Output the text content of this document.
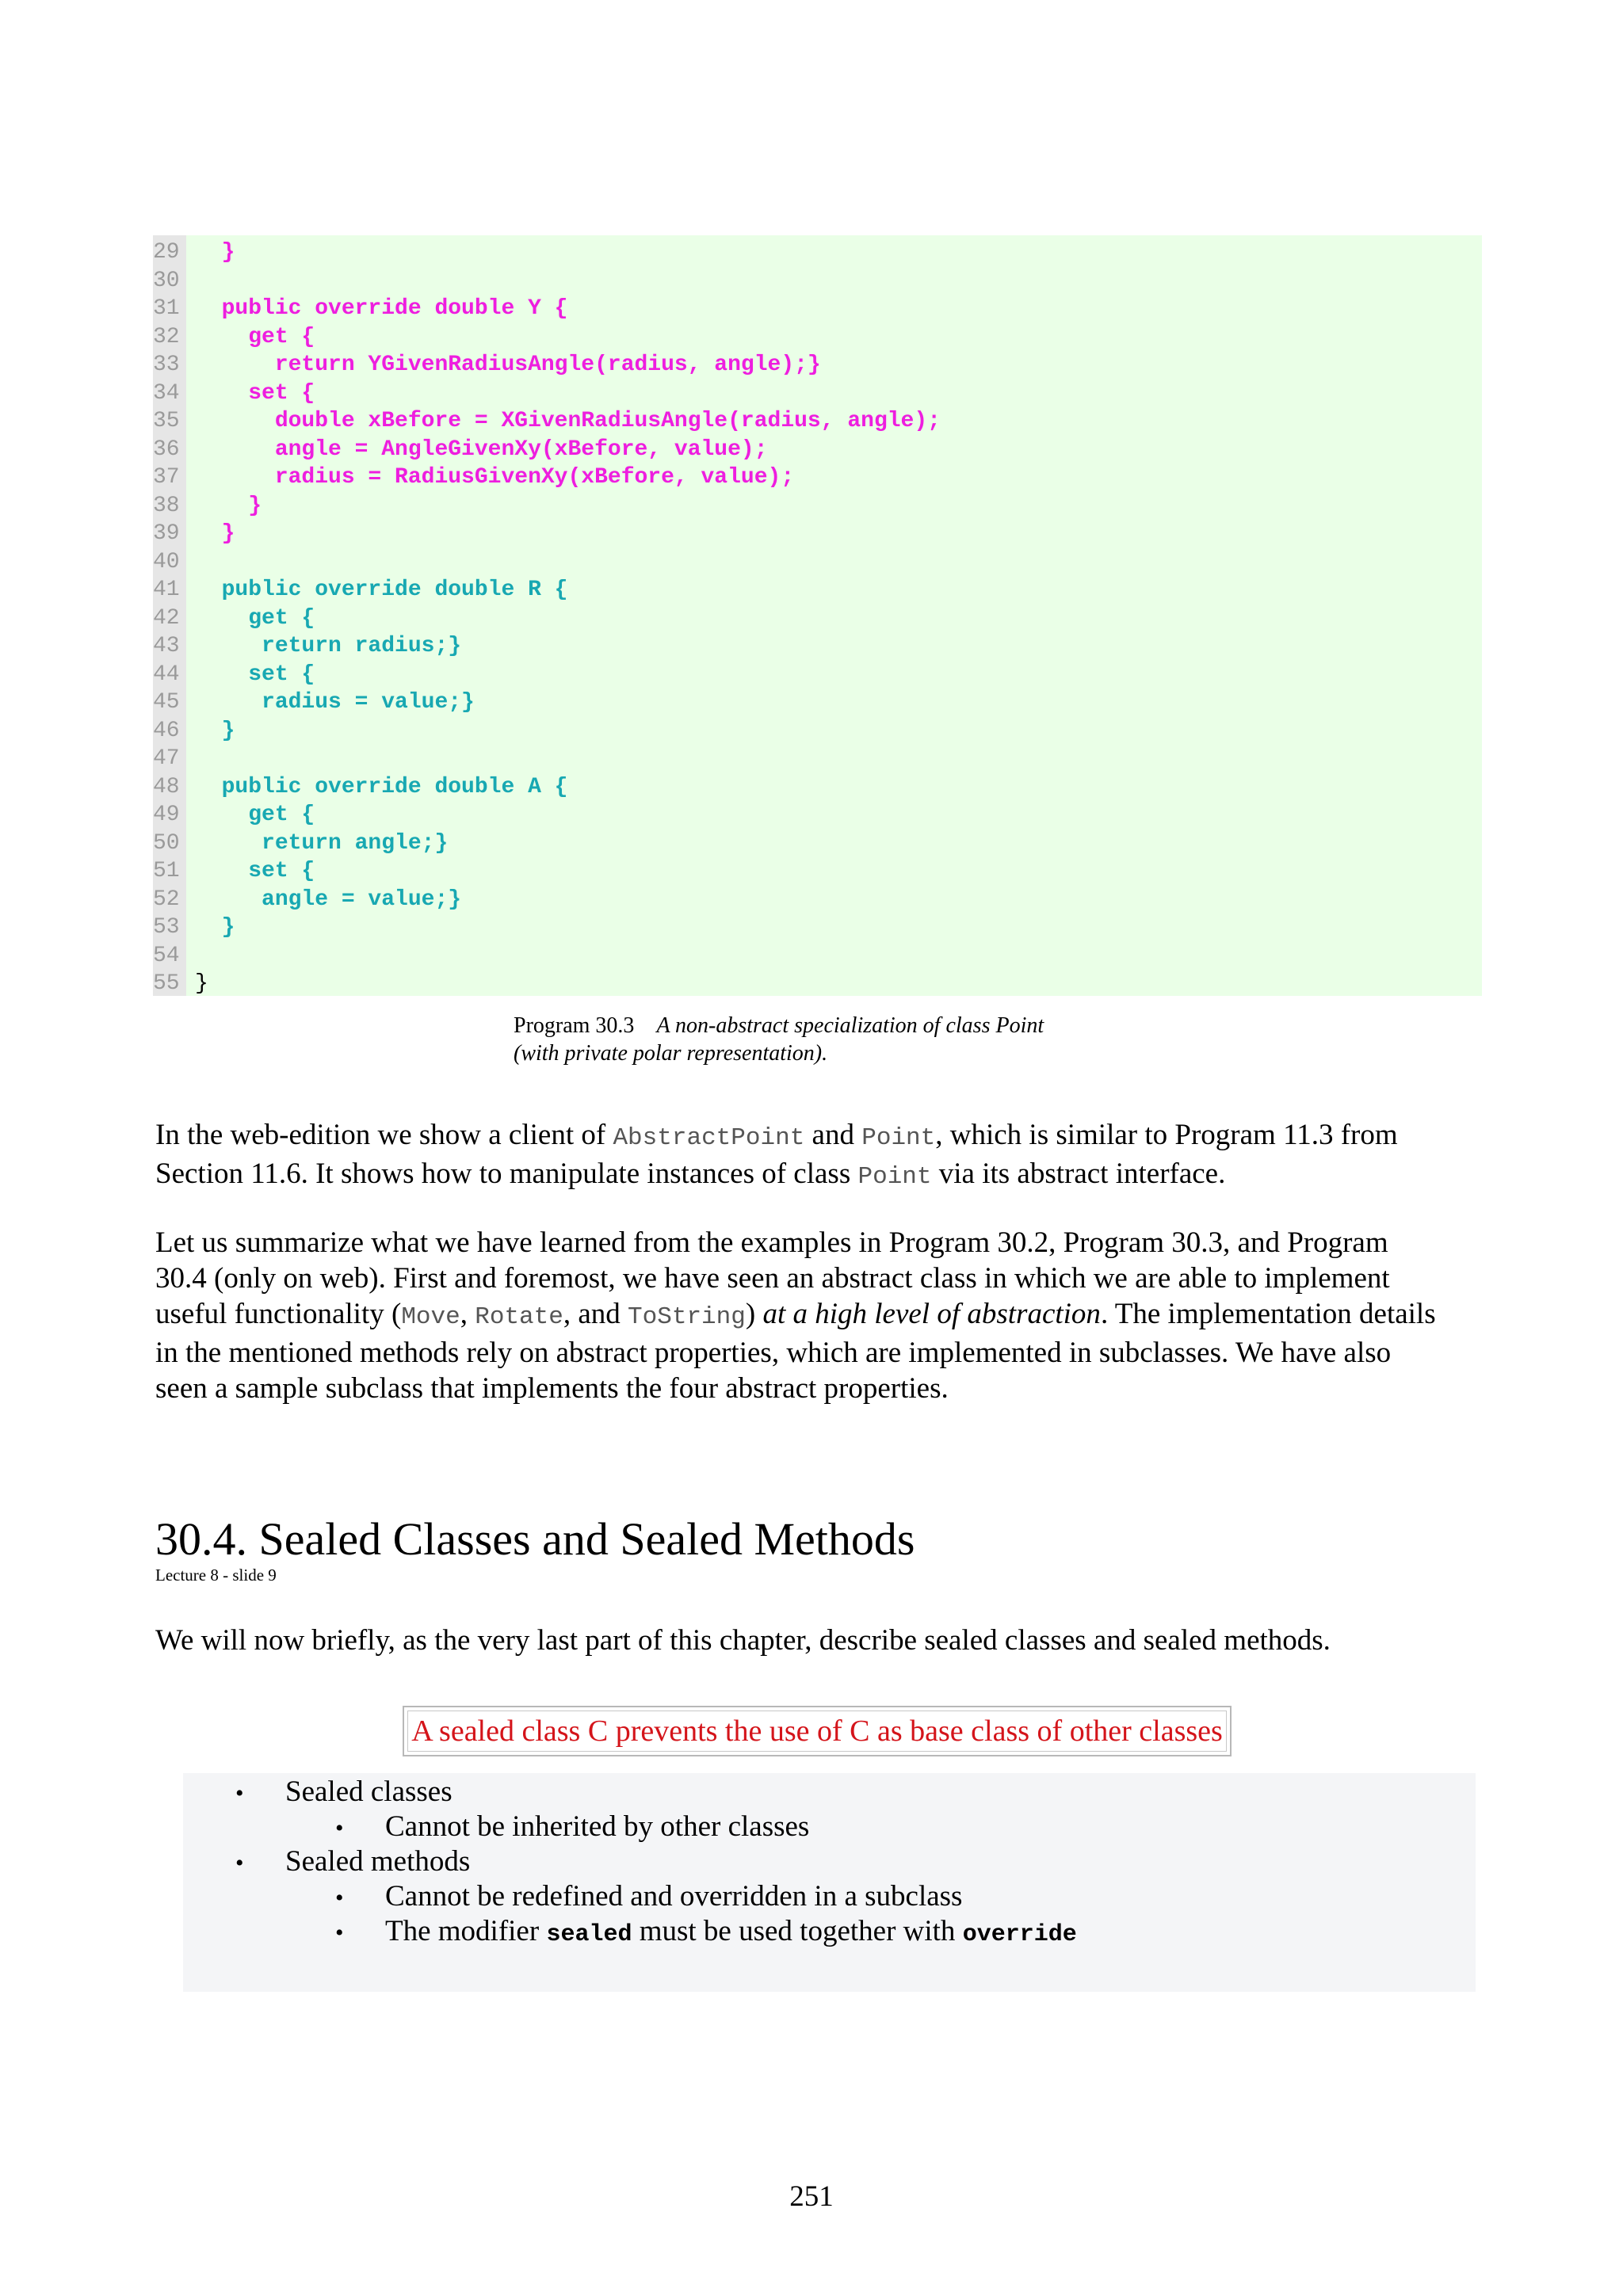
29 }
30
31 public override double Y {
32 get {
33 return YGivenRadiusAngle(radius, angle);}
34 set {
35 double xBefore = XGivenRadiusAngle(radius, angle);
36 angle = AngleGivenXy(xBefore, value);
37 radius = RadiusGivenXy(xBefore, value);
38 }
39 }
40
41 public override double R {
42 get {
43 return radius;}
44 set {
45 radius = value;}
46 }
47
48 public override double A {
49 get {
50 return angle;}
51 set {
52 angle = value;}
53 }
54
55 }
Program 30.3 A non-abstract specialization of class Point
(with private polar representation).
In the web-edition we show a client of AbstractPoint and Point, which is similar to Program 11.3 from
Section 11.6. It shows how to manipulate instances of class Point via its abstract interface.
Let us summarize what we have learned from the examples in Program 30.2, Program 30.3, and Program
30.4 (only on web). First and foremost, we have seen an abstract class in which we are able to implement
useful functionality (Move, Rotate, and ToString) at a high level of abstraction. The implementation details
in the mentioned methods rely on abstract properties, which are implemented in subclasses. We have also
seen a sample subclass that implements the four abstract properties.
30.4. Sealed Classes and Sealed Methods
Lecture 8 - slide 9
We will now briefly, as the very last part of this chapter, describe sealed classes and sealed methods.
A sealed class C prevents the use of C as base class of other classes
• Sealed classes
• Cannot be inherited by other classes
• Sealed methods
• Cannot be redefined and overridden in a subclass
• The modifier sealed must be used together with override
251
